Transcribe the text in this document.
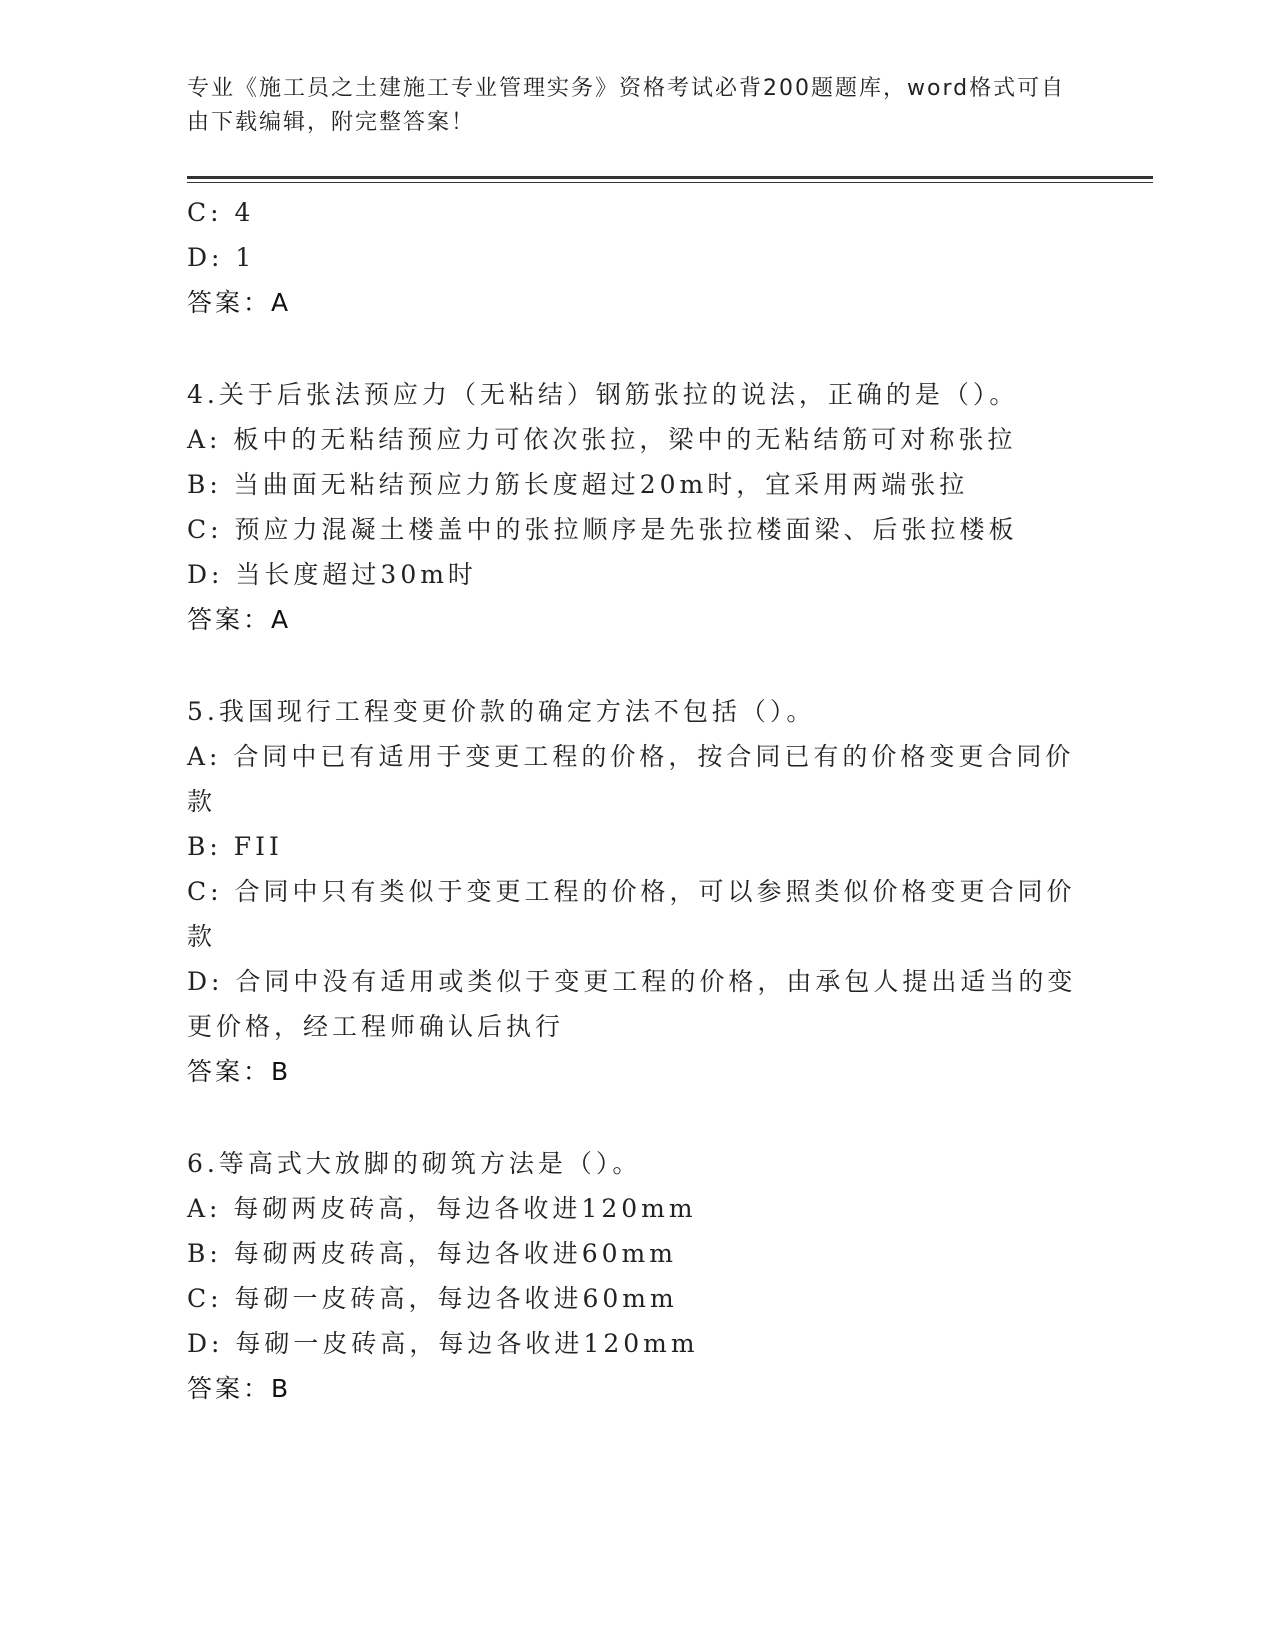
专业《施工员之土建施工专业管理实务》资格考试必背200题题库，word格式可自由下载编辑，附完整答案！
C: 4
D: 1
答案：A
4.关于后张法预应力（无粘结）钢筋张拉的说法，正确的是（）。
A: 板中的无粘结预应力可依次张拉，梁中的无粘结筋可对称张拉
B: 当曲面无粘结预应力筋长度超过20m时，宜采用两端张拉
C: 预应力混凝土楼盖中的张拉顺序是先张拉楼面梁、后张拉楼板
D: 当长度超过30m时
答案：A
5.我国现行工程变更价款的确定方法不包括（）。
A: 合同中已有适用于变更工程的价格，按合同已有的价格变更合同价
款
B: FII
C: 合同中只有类似于变更工程的价格，可以参照类似价格变更合同价
款
D: 合同中没有适用或类似于变更工程的价格，由承包人提出适当的变
更价格，经工程师确认后执行
答案：B
6.等高式大放脚的砌筑方法是（）。
A: 每砌两皮砖高，每边各收进120mm
B: 每砌两皮砖高，每边各收进60mm
C: 每砌一皮砖高，每边各收进60mm
D: 每砌一皮砖高，每边各收进120mm
答案：B
